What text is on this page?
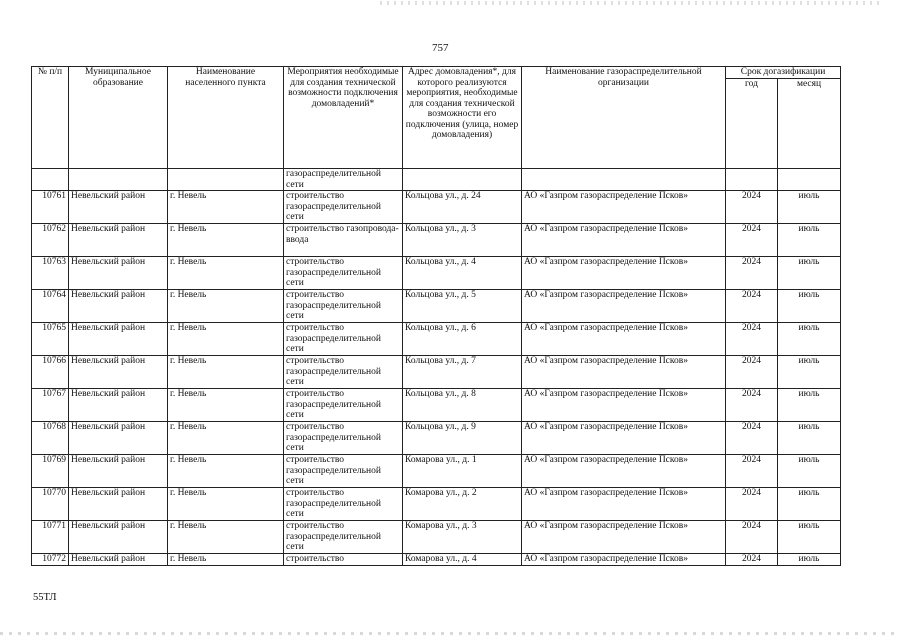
757
№ п/п	Муниципальное образование	Наименование населенного пункта	Мероприятия необходимые для создания технической возможности подключения домовладений*	Адрес домовладения*, для которого реализуются мероприятия, необходимые для создания технической возможности его подключения (улица, номер домовладения)	Наименование газораспределительной организации	Срок догазификации	
						год	месяц
			газораспределительной сети				
10761	Невельский район	г. Невель	строительство газораспределительной сети	Кольцова ул., д. 24	АО «Газпром газораспределение Псков»	2024	июль
10762	Невельский район	г. Невель	строительство газопровода-ввода	Кольцова ул., д. 3	АО «Газпром газораспределение Псков»	2024	июль
10763	Невельский район	г. Невель	строительство газораспределительной сети	Кольцова ул., д. 4	АО «Газпром газораспределение Псков»	2024	июль
10764	Невельский район	г. Невель	строительство газораспределительной сети	Кольцова ул., д. 5	АО «Газпром газораспределение Псков»	2024	июль
10765	Невельский район	г. Невель	строительство газораспределительной сети	Кольцова ул., д. 6	АО «Газпром газораспределение Псков»	2024	июль
10766	Невельский район	г. Невель	строительство газораспределительной сети	Кольцова ул., д. 7	АО «Газпром газораспределение Псков»	2024	июль
10767	Невельский район	г. Невель	строительство газораспределительной сети	Кольцова ул., д. 8	АО «Газпром газораспределение Псков»	2024	июль
10768	Невельский район	г. Невель	строительство газораспределительной сети	Кольцова ул., д. 9	АО «Газпром газораспределение Псков»	2024	июль
10769	Невельский район	г. Невель	строительство газораспределительной сети	Комарова ул., д. 1	АО «Газпром газораспределение Псков»	2024	июль
10770	Невельский район	г. Невель	строительство газораспределительной сети	Комарова ул., д. 2	АО «Газпром газораспределение Псков»	2024	июль
10771	Невельский район	г. Невель	строительство газораспределительной сети	Комарова ул., д. 3	АО «Газпром газораспределение Псков»	2024	июль
10772	Невельский район	г. Невель	строительство	Комарова ул., д. 4	АО «Газпром газораспределение Псков»	2024	июль
55ТЛ
